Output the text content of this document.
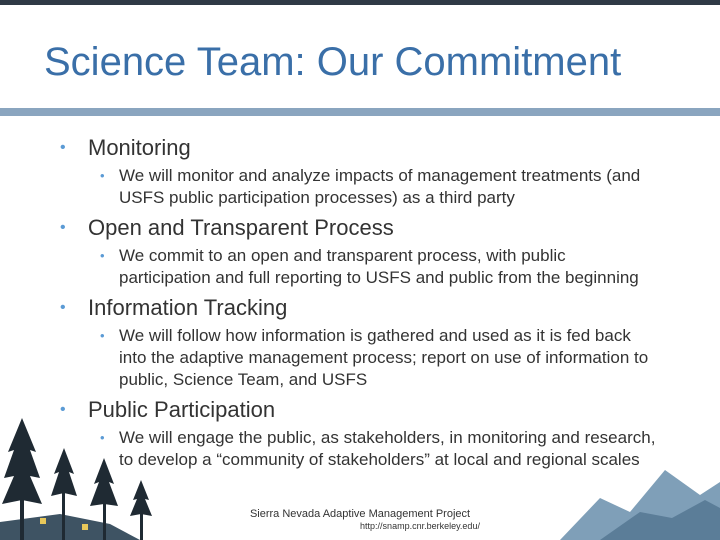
Science Team: Our Commitment
• Monitoring
• We will monitor and analyze impacts of management treatments (and USFS public participation processes) as a third party
• Open and Transparent Process
• We commit to an open and transparent process, with public participation and full reporting to USFS and public from the beginning
• Information Tracking
• We will follow how information is gathered and used as it is fed back into the adaptive management process; report on use of information to public, Science Team, and USFS
• Public Participation
• We will engage the public, as stakeholders, in monitoring and research, to develop a “community of stakeholders” at local and regional scales
Sierra Nevada Adaptive Management Project
http://snamp.cnr.berkeley.edu/
